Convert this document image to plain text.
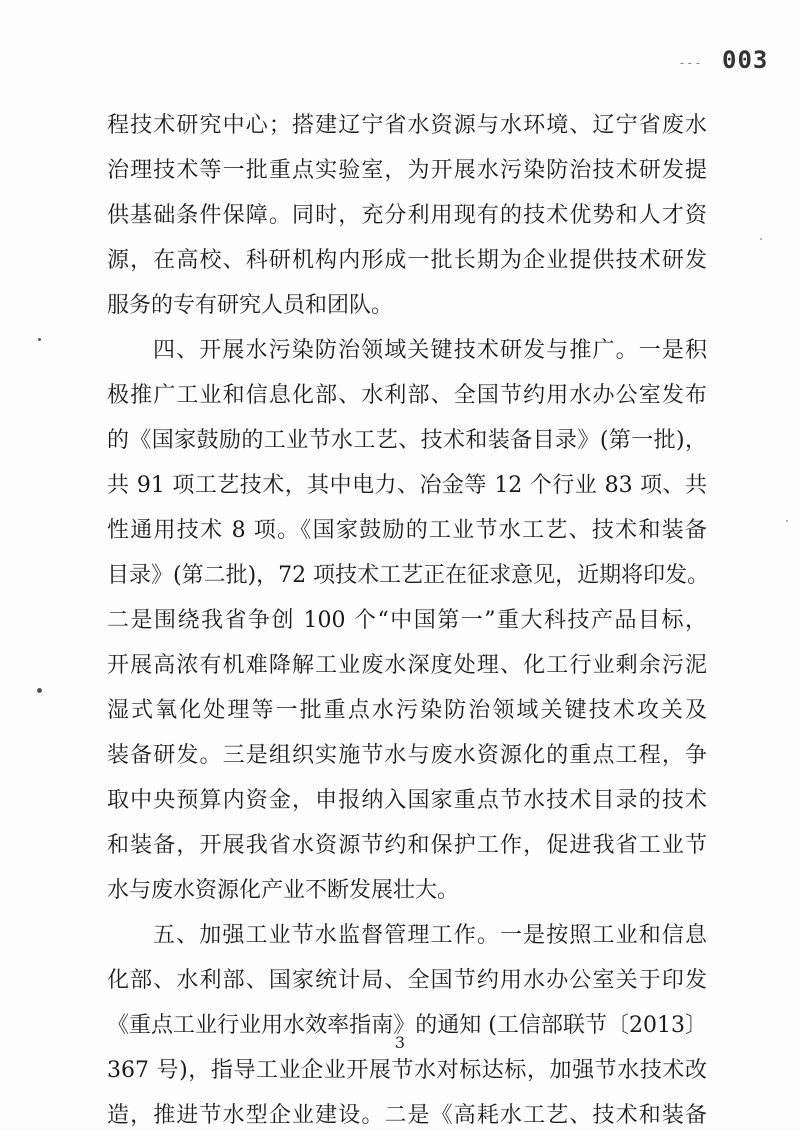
- - - 003
程技术研究中心；搭建辽宁省水资源与水环境、辽宁省废水
治理技术等一批重点实验室，为开展水污染防治技术研发提
供基础条件保障。同时，充分利用现有的技术优势和人才资
源，在高校、科研机构内形成一批长期为企业提供技术研发
服务的专有研究人员和团队。
四、开展水污染防治领域关键技术研发与推广。一是积
极推广工业和信息化部、水利部、全国节约用水办公室发布
的《国家鼓励的工业节水工艺、技术和装备目录》(第一批)，
共 91 项工艺技术，其中电力、冶金等 12 个行业 83 项、共
性通用技术 8 项。《国家鼓励的工业节水工艺、技术和装备
目录》(第二批)，72 项技术工艺正在征求意见，近期将印发。
二是围绕我省争创 100 个“中国第一”重大科技产品目标，
开展高浓有机难降解工业废水深度处理、化工行业剩余污泥
湿式氧化处理等一批重点水污染防治领域关键技术攻关及
装备研发。三是组织实施节水与废水资源化的重点工程，争
取中央预算内资金，申报纳入国家重点节水技术目录的技术
和装备，开展我省水资源节约和保护工作，促进我省工业节
水与废水资源化产业不断发展壮大。
五、加强工业节水监督管理工作。一是按照工业和信息
化部、水利部、国家统计局、全国节约用水办公室关于印发
《重点工业行业用水效率指南》的通知 (工信部联节〔2013〕
367 号)，指导工业企业开展节水对标达标，加强节水技术改
造，推进节水型企业建设。二是《高耗水工艺、技术和装备
3
